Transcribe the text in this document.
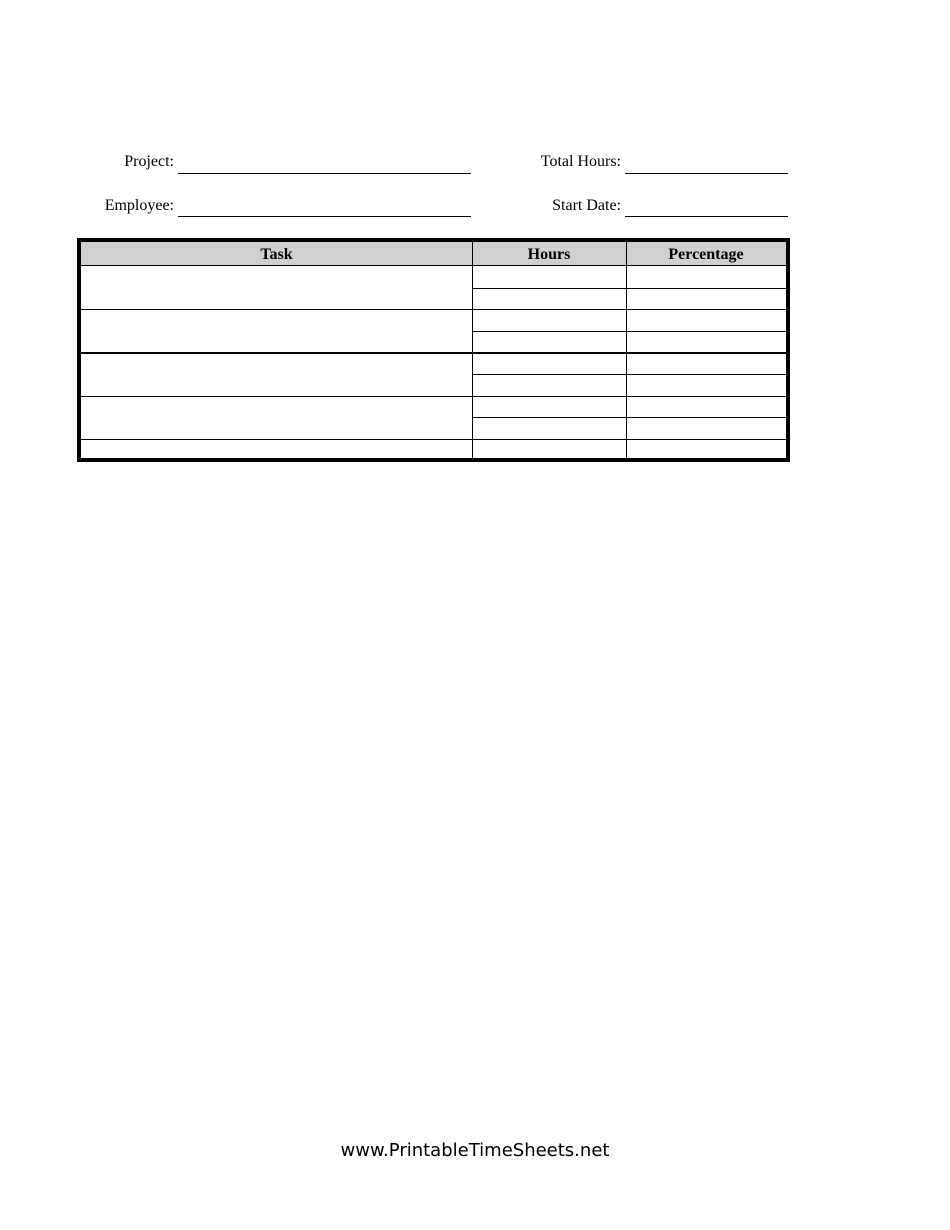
Project:
Employee:
Total Hours:
Start Date:
Task	Hours	Percentage
www.PrintableTimeSheets.net
